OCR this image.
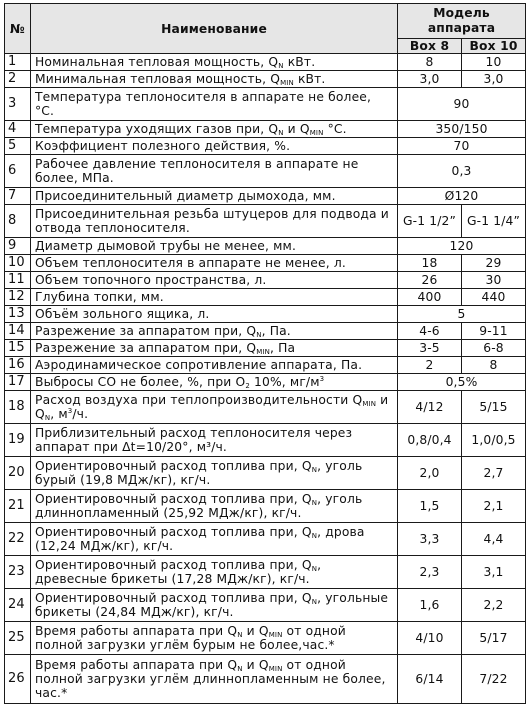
№	Наименование	Модель аппарата	
		Box 8	Box 10
1	Номинальная тепловая мощность, $Q_N$ кВт.	8	10
2	Минимальная тепловая мощность, $Q_{MIN}$ кВт.	3,0	3,0
3	Температура теплоносителя в аппарате не более, °С.	90	
4	Температура уходящих газов при, $Q_N$ и $Q_{MIN}$ °С.	350/150	
5	Коэффициент полезного действия, %.	70	
6	Рабочее давление теплоносителя в аппарате не более, МПа.	0,3	
7	Присоединительный диаметр дымохода, мм.	Ø120	
8	Присоединительная резьба штуцеров для подвода и отвода теплоносителя.	G-1 1/2”	G-1 1/4”
9	Диаметр дымовой трубы не менее, мм.	120	
10	Объем теплоносителя в аппарате не менее, л.	18	29
11	Объем топочного пространства, л.	26	30
12	Глубина топки, мм.	400	440
13	Объём зольного ящика, л.	5	
14	Разрежение за аппаратом при, $Q_N$, Па.	4-6	9-11
15	Разрежение за аппаратом при, $Q_{MIN}$, Па	3-5	6-8
16	Аэродинамическое сопротивление аппарата, Па.	2	8
17	Выбросы CO не более, %, при $O_2$ 10%, $мг/м^3$	0,5%	
18	Расход воздуха при теплопроизводительности $Q_{MIN}$ и $Q_N$, $м^3/ч$.	4/12	5/15
19	Приблизительный расход теплоносителя через аппарат при Δt=10/20°, м³/ч.	0,8/0,4	1,0/0,5
20	Ориентировочный расход топлива при, $Q_N$, уголь бурый (19,8 МДж/кг), кг/ч.	2,0	2,7
21	Ориентировочный расход топлива при, $Q_N$, уголь длиннопламенный (25,92 МДж/кг), кг/ч.	1,5	2,1
22	Ориентировочный расход топлива при, $Q_N$, дрова (12,24 МДж/кг), кг/ч.	3,3	4,4
23	Ориентировочный расход топлива при, $Q_N$, древесные брикеты (17,28 МДж/кг), кг/ч.	2,3	3,1
24	Ориентировочный расход топлива при, $Q_N$, угольные брикеты (24,84 МДж/кг), кг/ч.	1,6	2,2
25	Время работы аппарата при $Q_N$ и $Q_{MIN}$ от одной полной загрузки углём бурым не более,час.*	4/10	5/17
26	Время работы аппарата при $Q_N$ и $Q_{MIN}$ от одной полной загрузки углём длиннопламенным не более, час.*	6/14	7/22
